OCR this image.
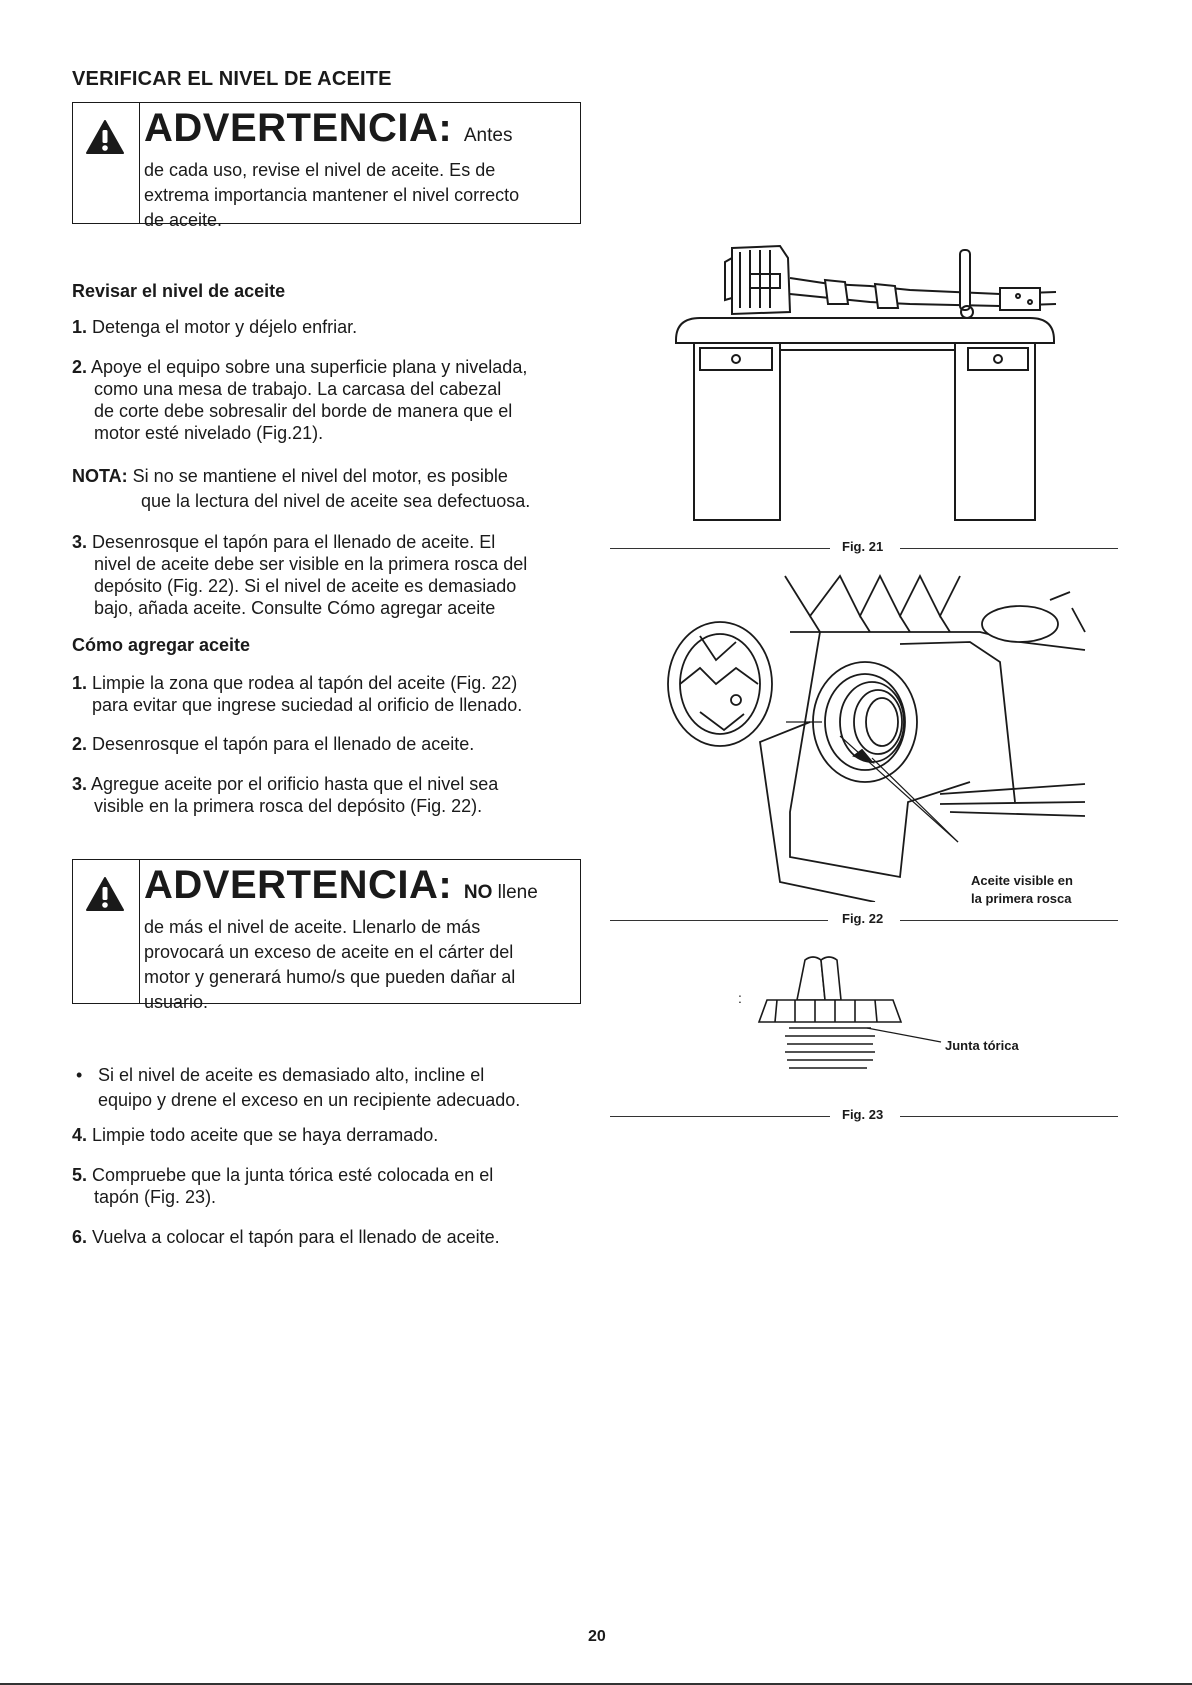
VERIFICAR EL NIVEL DE ACEITE
ADVERTENCIA: Antes
de cada uso, revise el nivel de aceite. Es de
extrema importancia mantener el nivel correcto
de aceite.
Revisar el nivel de aceite
1. Detenga el motor y déjelo enfriar.
2. Apoye el equipo sobre una superficie plana y nivelada,
como una mesa de trabajo. La carcasa del cabezal
de corte debe sobresalir del borde de manera que el
motor esté nivelado (Fig.21).
NOTA: Si no se mantiene el nivel del motor, es posible
que la lectura del nivel de aceite sea defectuosa.
3. Desenrosque el tapón para el llenado de aceite. El
nivel de aceite debe ser visible en la primera rosca del
depósito (Fig. 22). Si el nivel de aceite es demasiado
bajo, añada aceite. Consulte Cómo agregar aceite
Cómo agregar aceite
1. Limpie la zona que rodea al tapón del aceite (Fig. 22)
para evitar que ingrese suciedad al orificio de llenado.
2. Desenrosque el tapón para el llenado de aceite.
3. Agregue aceite por el orificio hasta que el nivel sea
visible en la primera rosca del depósito (Fig. 22).
ADVERTENCIA: NO llene
de más el nivel de aceite. Llenarlo de más
provocará un exceso de aceite en el cárter del
motor y generará humo/s que pueden dañar al
usuario.
• Si el nivel de aceite es demasiado alto, incline el
equipo y drene el exceso en un recipiente adecuado.
4. Limpie todo aceite que se haya derramado.
5. Compruebe que la junta tórica esté colocada en el
tapón (Fig. 23).
6. Vuelva a colocar el tapón para el llenado de aceite.
Fig. 21
Aceite visible en
la primera rosca
Fig. 22
:
Junta tórica
Fig. 23
20
